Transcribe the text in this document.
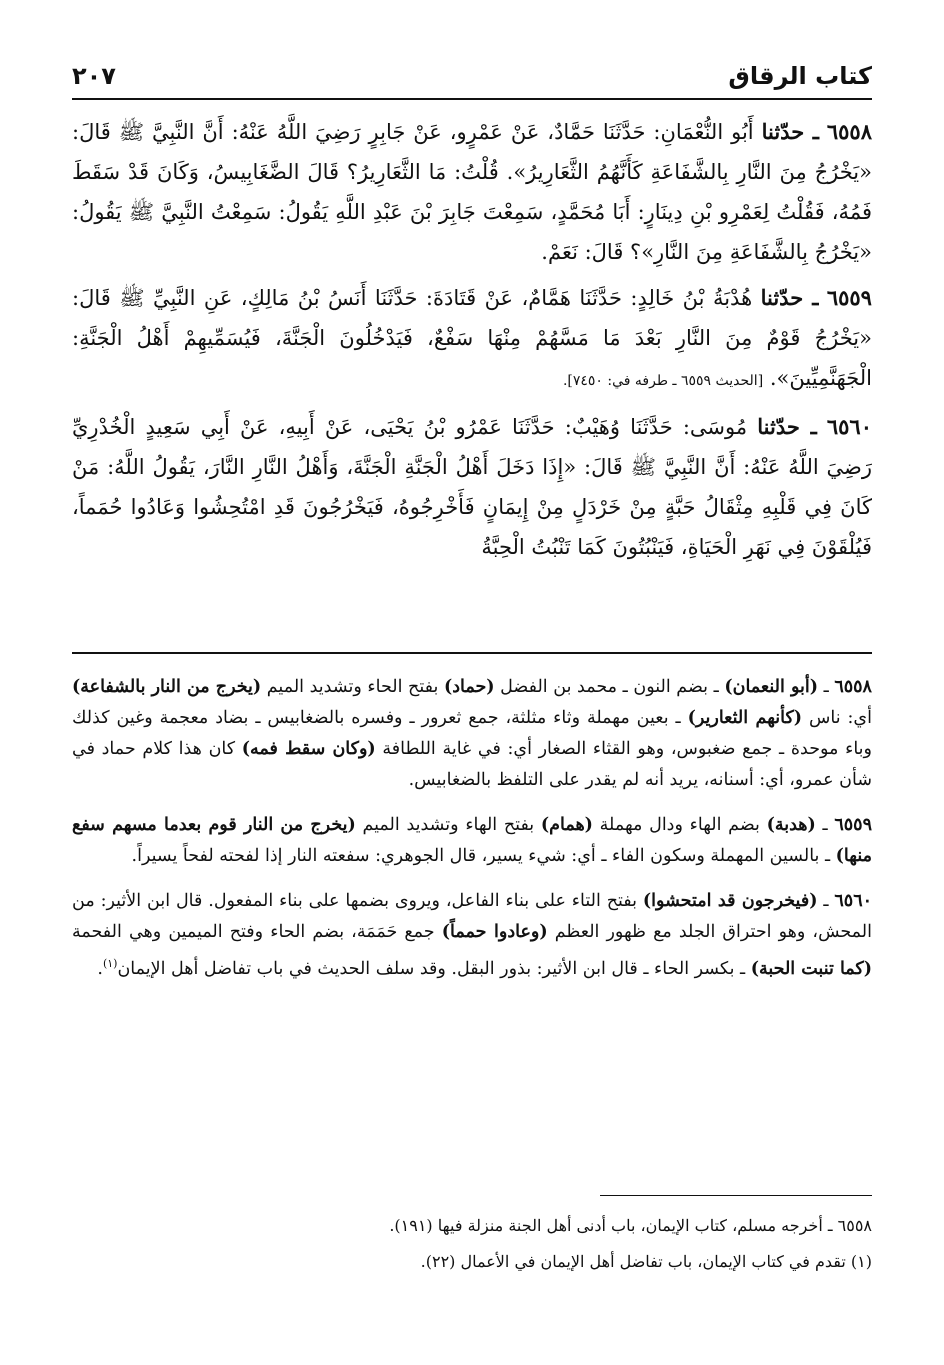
كتاب الرقاق
٢٠٧

٦٥٥٨ ـ حدّثنا أَبُو النُّعْمَانِ: حَدَّثَنَا حَمَّادٌ، عَنْ عَمْرٍو، عَنْ جَابِرٍ رَضِيَ اللَّهُ عَنْهُ: أَنَّ النَّبِيَّ ﷺ قَالَ: «يَخْرُجُ مِنَ النَّارِ بِالشَّفَاعَةِ كَأَنَّهُمُ الثَّعَارِيرُ». قُلْتُ: مَا الثَّعَارِيرُ؟ قَالَ الضَّغَابِيسُ، وَكَانَ قَدْ سَقَطَ فَمُهُ، فَقُلْتُ لِعَمْرِو بْنِ دِينَارٍ: أَبَا مُحَمَّدٍ، سَمِعْتَ جَابِرَ بْنَ عَبْدِ اللَّهِ يَقُولُ: سَمِعْتُ النَّبِيَّ ﷺ يَقُولُ: «يَخْرُجُ بِالشَّفَاعَةِ مِنَ النَّارِ»؟ قَالَ: نَعَمْ.

٦٥٥٩ ـ حدّثنا هُدْبَةُ بْنُ خَالِدٍ: حَدَّثَنَا هَمَّامٌ، عَنْ قَتَادَةَ: حَدَّثَنَا أَنَسُ بْنُ مَالِكٍ، عَنِ النَّبِيِّ ﷺ قَالَ: «يَخْرُجُ قَوْمٌ مِنَ النَّارِ بَعْدَ مَا مَسَّهُمْ مِنْهَا سَفْعٌ، فَيَدْخُلُونَ الْجَنَّةَ، فَيُسَمِّيهِمْ أَهْلُ الْجَنَّةِ: الْجَهَنَّمِيِّينَ». [الحديث ٦٥٥٩ ـ طرفه في: ٧٤٥٠].

٦٥٦٠ ـ حدّثنا مُوسَى: حَدَّثَنَا وُهَيْبٌ: حَدَّثَنَا عَمْرُو بْنُ يَحْيَى، عَنْ أَبِيهِ، عَنْ أَبِي سَعِيدٍ الْخُدْرِيِّ رَضِيَ اللَّهُ عَنْهُ: أَنَّ النَّبِيَّ ﷺ قَالَ: «إِذَا دَخَلَ أَهْلُ الْجَنَّةِ الْجَنَّةَ، وَأَهْلُ النَّارِ النَّارَ، يَقُولُ اللَّهُ: مَنْ كَانَ فِي قَلْبِهِ مِثْقَالُ حَبَّةٍ مِنْ خَرْدَلٍ مِنْ إِيمَانٍ فَأَخْرِجُوهُ، فَيَخْرُجُونَ قَدِ امْتُحِشُوا وَعَادُوا حُمَماً، فَيُلْقَوْنَ فِي نَهَرِ الْحَيَاةِ، فَيَنْبُتُونَ كَمَا تَنْبُتُ الْحِبَّةُ

٦٥٥٨ ـ (أبو النعمان) ـ بضم النون ـ محمد بن الفضل (حماد) بفتح الحاء وتشديد الميم (يخرج من النار بالشفاعة) أي: ناس (كأنهم الثعارير) ـ بعين مهملة وثاء مثلثة، جمع ثعرور ـ وفسره بالضغابيس ـ بضاد معجمة وغين كذلك وباء موحدة ـ جمع ضغبوس، وهو القثاء الصغار أي: في غاية اللطافة (وكان سقط فمه) كان هذا كلام حماد في شأن عمرو، أي: أسنانه، يريد أنه لم يقدر على التلفظ بالضغابيس.

٦٥٥٩ ـ (هدبة) بضم الهاء ودال مهملة (همام) بفتح الهاء وتشديد الميم (يخرج من النار قوم بعدما مسهم سفع منها) ـ بالسين المهملة وسكون الفاء ـ أي: شيء يسير، قال الجوهري: سفعته النار إذا لفحته لفحاً يسيراً.

٦٥٦٠ ـ (فيخرجون قد امتحشوا) بفتح التاء على بناء الفاعل، ويروى بضمها على بناء المفعول. قال ابن الأثير: من المحش، وهو احتراق الجلد مع ظهور العظم (وعادوا حمماً) جمع حَمَمَة، بضم الحاء وفتح الميمين وهي الفحمة (كما تنبت الحبة) ـ بكسر الحاء ـ قال ابن الأثير: بذور البقل. وقد سلف الحديث في باب تفاضل أهل الإيمان$^{(١)}$.

٦٥٥٨ ـ أخرجه مسلم، كتاب الإيمان، باب أدنى أهل الجنة منزلة فيها (١٩١).

(١) تقدم في كتاب الإيمان، باب تفاضل أهل الإيمان في الأعمال (٢٢).
